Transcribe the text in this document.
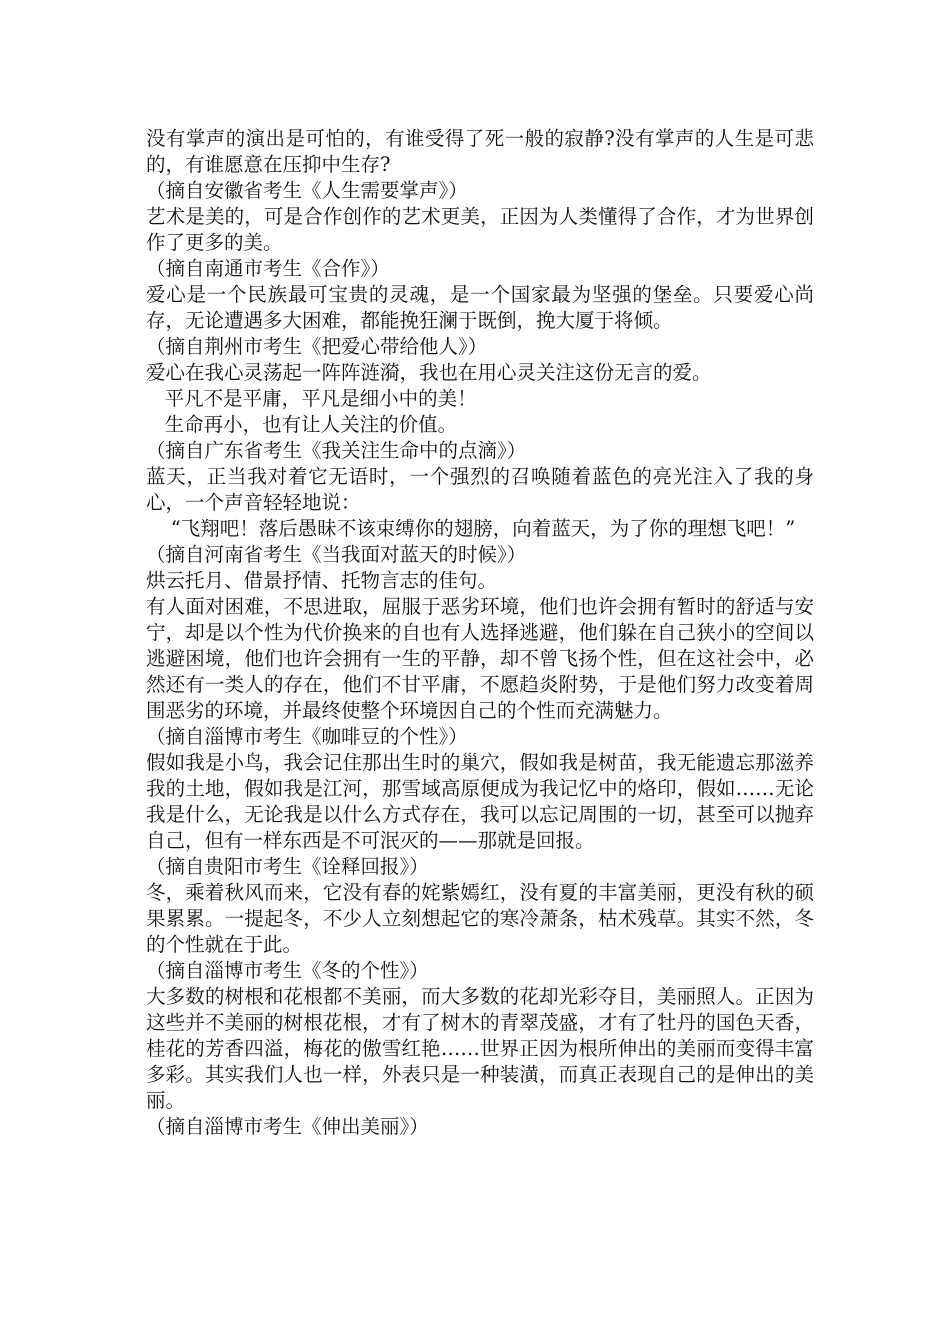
没有掌声的演出是可怕的，有谁受得了死一般的寂静?没有掌声的人生是可悲的，有谁愿意在压抑中生存?

（摘自安徽省考生《人生需要掌声》）

艺术是美的，可是合作创作的艺术更美，正因为人类懂得了合作，才为世界创作了更多的美。

（摘自南通市考生《合作》）

爱心是一个民族最可宝贵的灵魂，是一个国家最为坚强的堡垒。只要爱心尚存，无论遭遇多大困难，都能挽狂澜于既倒，挽大厦于将倾。

（摘自荆州市考生《把爱心带给他人》）

爱心在我心灵荡起一阵阵涟漪，我也在用心灵关注这份无言的爱。

平凡不是平庸，平凡是细小中的美！

生命再小，也有让人关注的价值。

（摘自广东省考生《我关注生命中的点滴》）

蓝天，正当我对着它无语时，一个强烈的召唤随着蓝色的亮光注入了我的身心，一个声音轻轻地说：

“飞翔吧！落后愚昧不该束缚你的翅膀，向着蓝天，为了你的理想飞吧！”

（摘自河南省考生《当我面对蓝天的时候》）

烘云托月、借景抒情、托物言志的佳句。

有人面对困难，不思进取，屈服于恶劣环境，他们也许会拥有暂时的舒适与安宁，却是以个性为代价换来的自也有人选择逃避，他们躲在自己狭小的空间以逃避困境，他们也许会拥有一生的平静，却不曾飞扬个性，但在这社会中，必然还有一类人的存在，他们不甘平庸，不愿趋炎附势，于是他们努力改变着周围恶劣的环境，并最终使整个环境因自己的个性而充满魅力。

（摘自淄博市考生《咖啡豆的个性》）

假如我是小鸟，我会记住那出生时的巢穴，假如我是树苗，我无能遗忘那滋养我的土地，假如我是江河，那雪域高原便成为我记忆中的烙印，假如……无论我是什么，无论我是以什么方式存在，我可以忘记周围的一切，甚至可以抛弃自己，但有一样东西是不可泯灭的——那就是回报。

（摘自贵阳市考生《诠释回报》）

冬，乘着秋风而来，它没有春的姹紫嫣红，没有夏的丰富美丽，更没有秋的硕果累累。一提起冬，不少人立刻想起它的寒冷萧条，枯术残草。其实不然，冬的个性就在于此。

（摘自淄博市考生《冬的个性》）

大多数的树根和花根都不美丽，而大多数的花却光彩夺目，美丽照人。正因为这些并不美丽的树根花根，才有了树木的青翠茂盛，才有了牡丹的国色天香，桂花的芳香四溢，梅花的傲雪红艳……世界正因为根所伸出的美丽而变得丰富多彩。其实我们人也一样，外表只是一种装潢，而真正表现自己的是伸出的美丽。

（摘自淄博市考生《伸出美丽》）
